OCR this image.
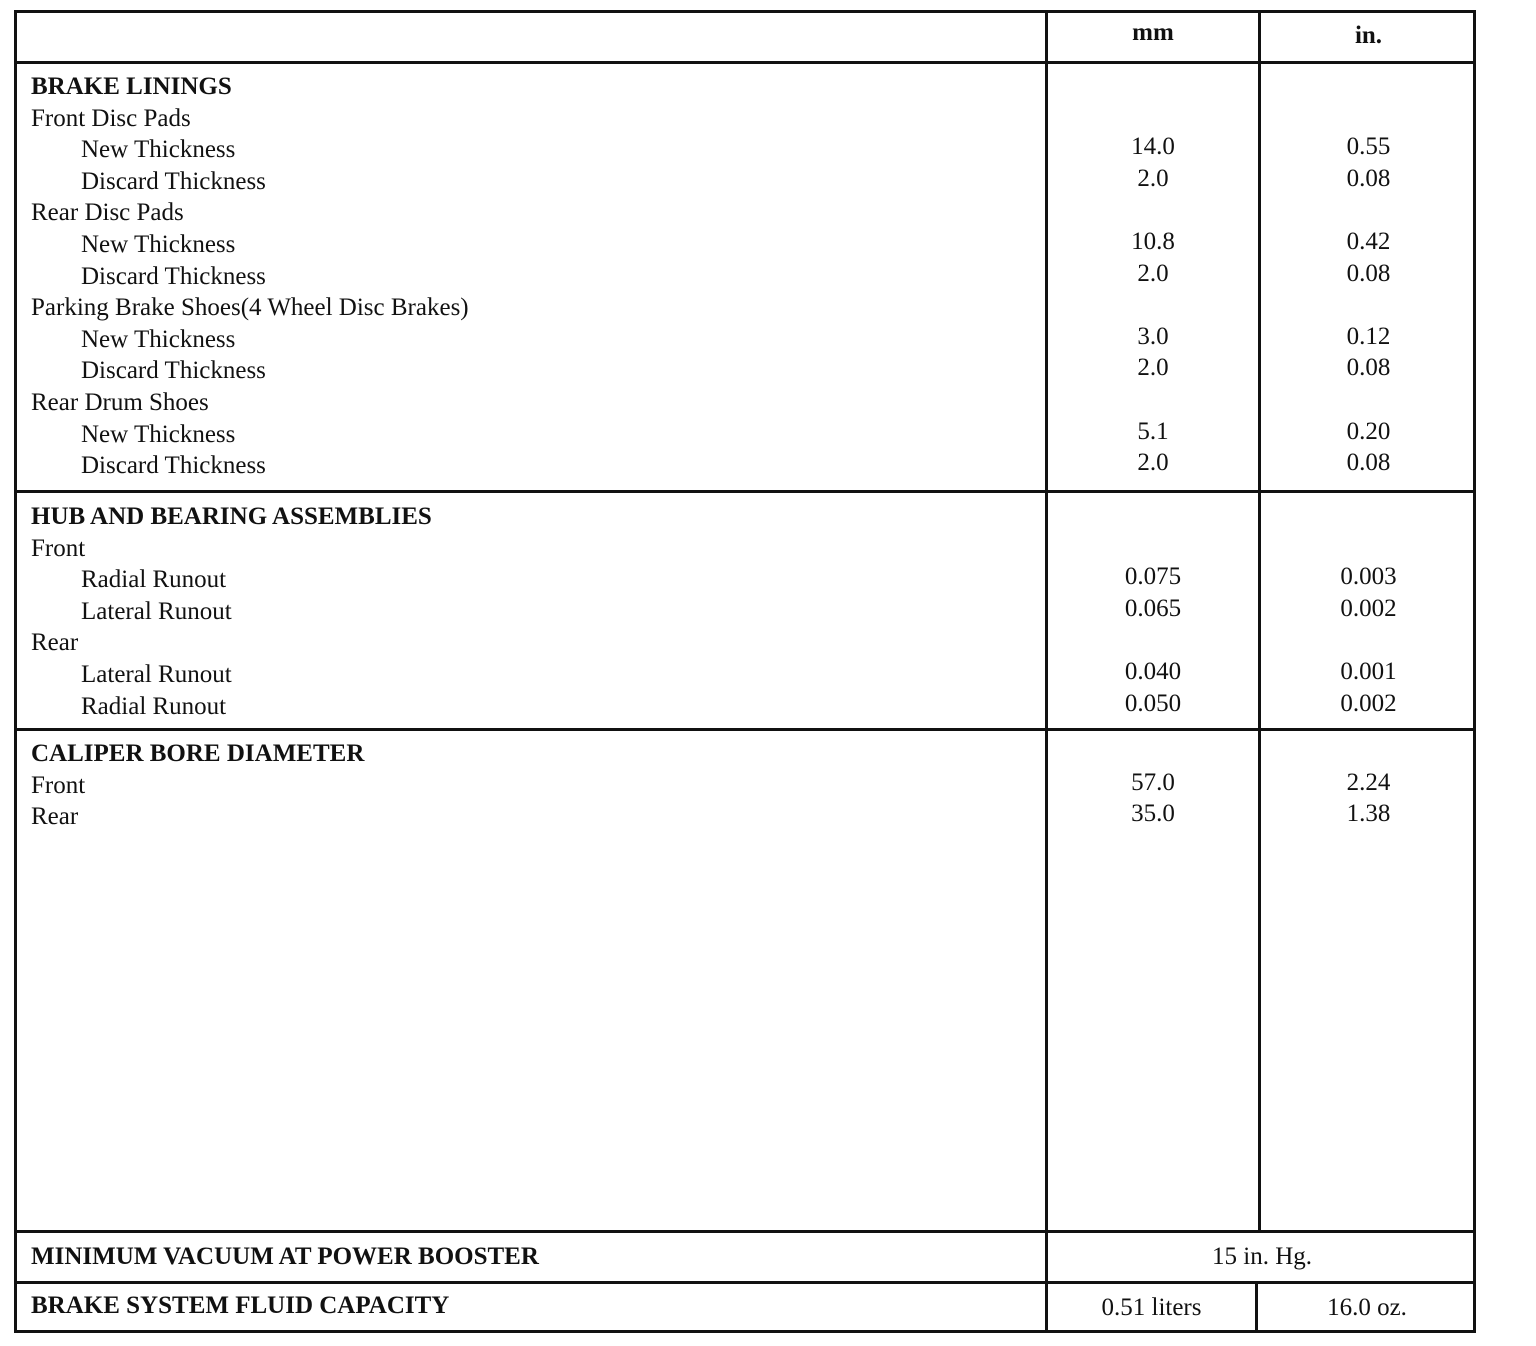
mm	in.
BRAKE LININGS
Front Disc Pads
New Thickness	14.0	0.55
Discard Thickness	2.0	0.08
Rear Disc Pads
New Thickness	10.8	0.42
Discard Thickness	2.0	0.08
Parking Brake Shoes(4 Wheel Disc Brakes)
New Thickness	3.0	0.12
Discard Thickness	2.0	0.08
Rear Drum Shoes
New Thickness	5.1	0.20
Discard Thickness	2.0	0.08
HUB AND BEARING ASSEMBLIES
Front
Radial Runout	0.075	0.003
Lateral Runout	0.065	0.002
Rear
Lateral Runout	0.040	0.001
Radial Runout	0.050	0.002
CALIPER BORE DIAMETER
Front	57.0	2.24
Rear	35.0	1.38
MINIMUM VACUUM AT POWER BOOSTER	15 in. Hg.
BRAKE SYSTEM FLUID CAPACITY	0.51 liters	16.0 oz.
